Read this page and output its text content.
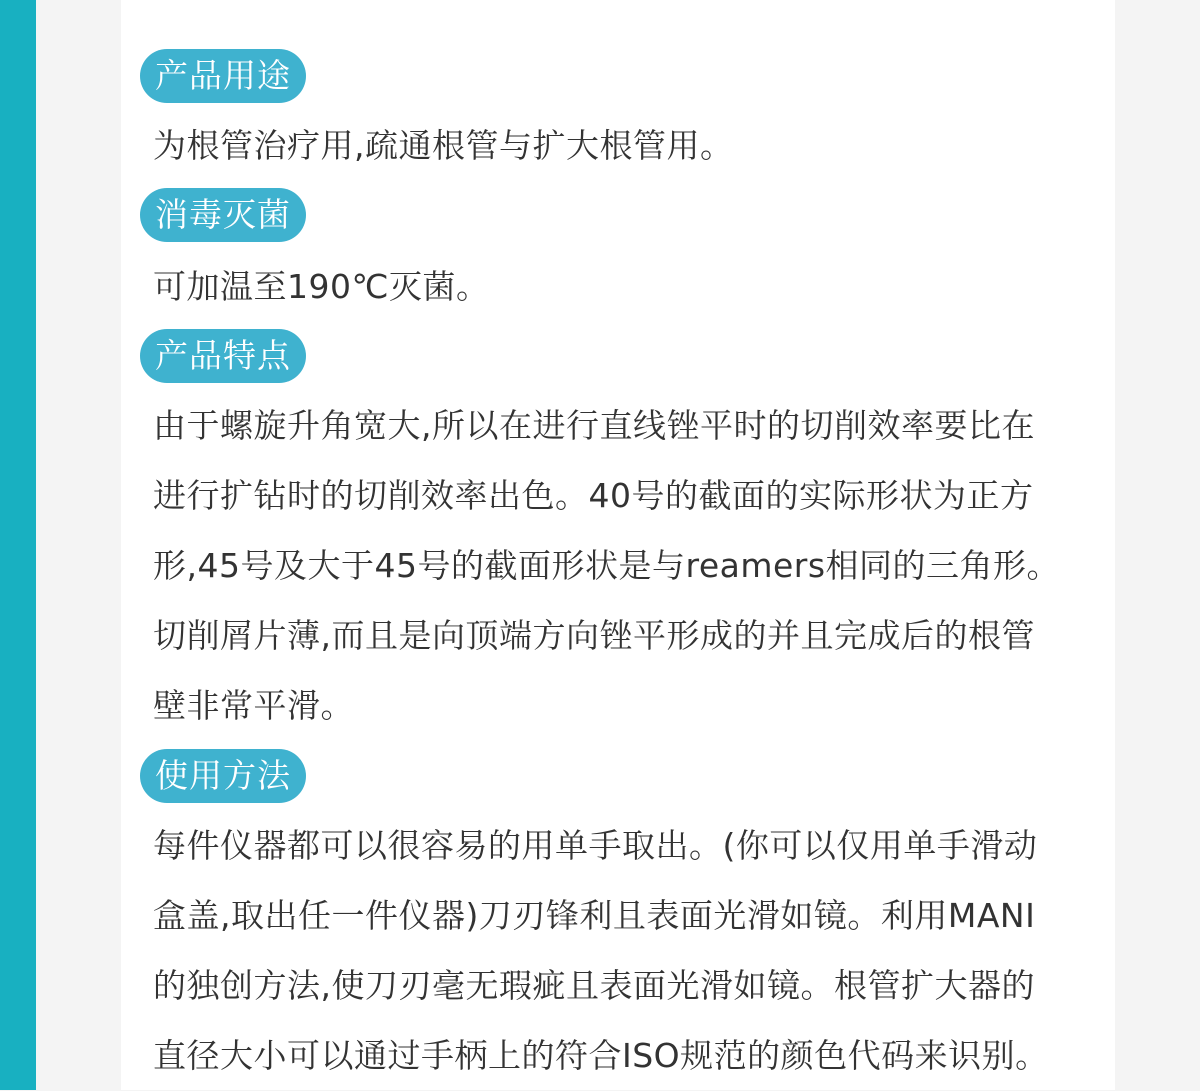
产品用途
为根管治疗用,疏通根管与扩大根管用。
消毒灭菌
可加温至190℃灭菌。
产品特点
由于螺旋升角宽大,所以在进行直线锉平时的切削效率要比在
进行扩钻时的切削效率出色。40号的截面的实际形状为正方
形,45号及大于45号的截面形状是与reamers相同的三角形。
切削屑片薄,而且是向顶端方向锉平形成的并且完成后的根管
壁非常平滑。
使用方法
每件仪器都可以很容易的用单手取出。(你可以仅用单手滑动
盒盖,取出任一件仪器)刀刃锋利且表面光滑如镜。利用MANI
的独创方法,使刀刃毫无瑕疵且表面光滑如镜。根管扩大器的
直径大小可以通过手柄上的符合ISO规范的颜色代码来识别。
